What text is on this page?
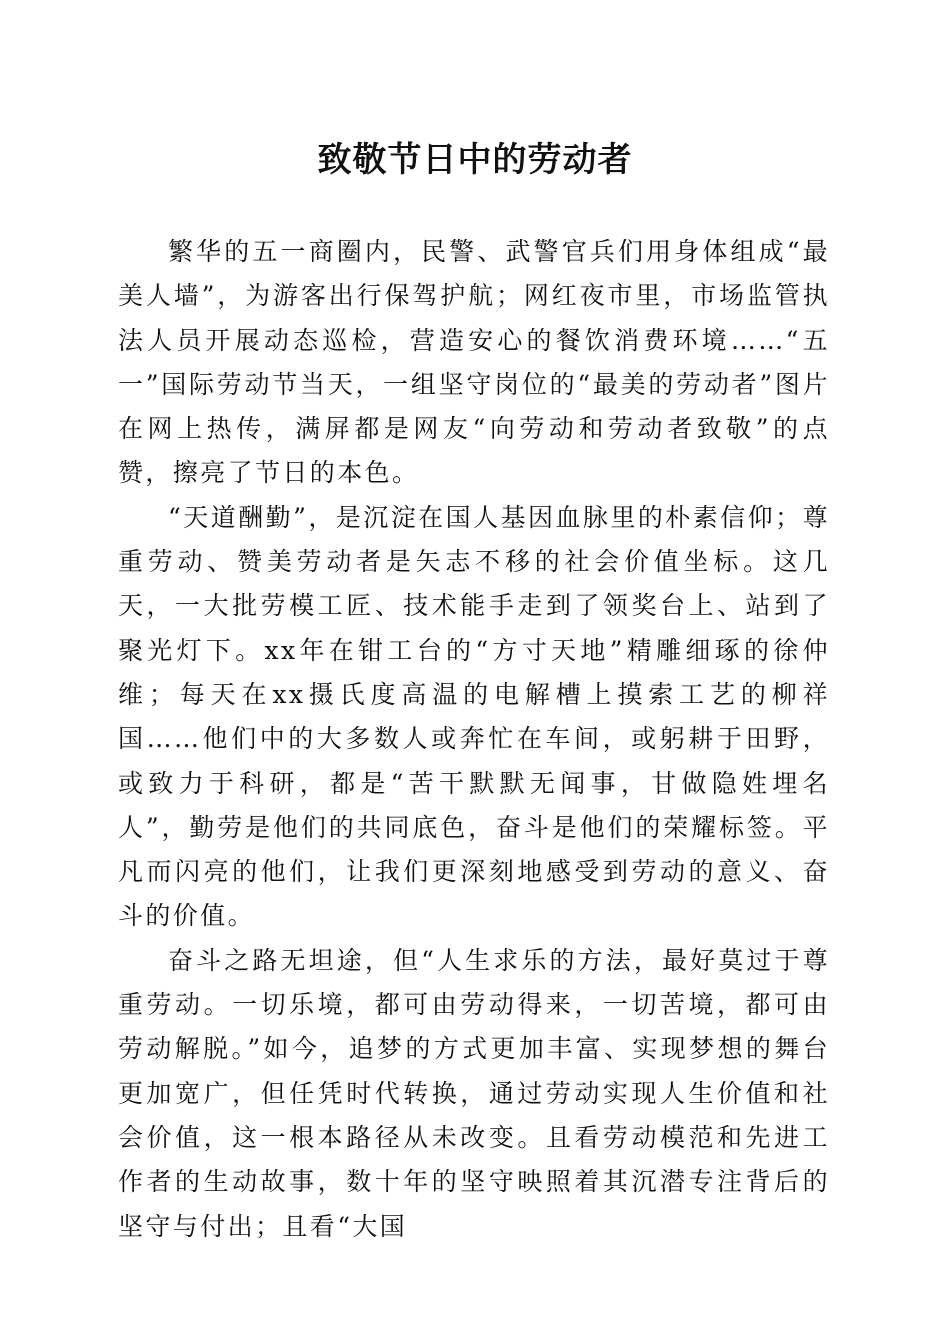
致敬节日中的劳动者

繁华的五一商圈内，民警、武警官兵们用身体组成“最美人墙”，为游客出行保驾护航；网红夜市里，市场监管执法人员开展动态巡检，营造安心的餐饮消费环境……“五一”国际劳动节当天，一组坚守岗位的“最美的劳动者”图片在网上热传，满屏都是网友“向劳动和劳动者致敬”的点赞，擦亮了节日的本色。

“天道酬勤”，是沉淀在国人基因血脉里的朴素信仰；尊重劳动、赞美劳动者是矢志不移的社会价值坐标。这几天，一大批劳模工匠、技术能手走到了领奖台上、站到了聚光灯下。xx年在钳工台的“方寸天地”精雕细琢的徐仲维；每天在xx摄氏度高温的电解槽上摸索工艺的柳祥国……他们中的大多数人或奔忙在车间，或躬耕于田野，或致力于科研，都是“苦干默默无闻事，甘做隐姓埋名人”，勤劳是他们的共同底色，奋斗是他们的荣耀标签。平凡而闪亮的他们，让我们更深刻地感受到劳动的意义、奋斗的价值。

奋斗之路无坦途，但“人生求乐的方法，最好莫过于尊重劳动。一切乐境，都可由劳动得来，一切苦境，都可由劳动解脱。”如今，追梦的方式更加丰富、实现梦想的舞台更加宽广，但任凭时代转换，通过劳动实现人生价值和社会价值，这一根本路径从未改变。且看劳动模范和先进工作者的生动故事，数十年的坚守映照着其沉潜专注背后的坚守与付出；且看“大国
